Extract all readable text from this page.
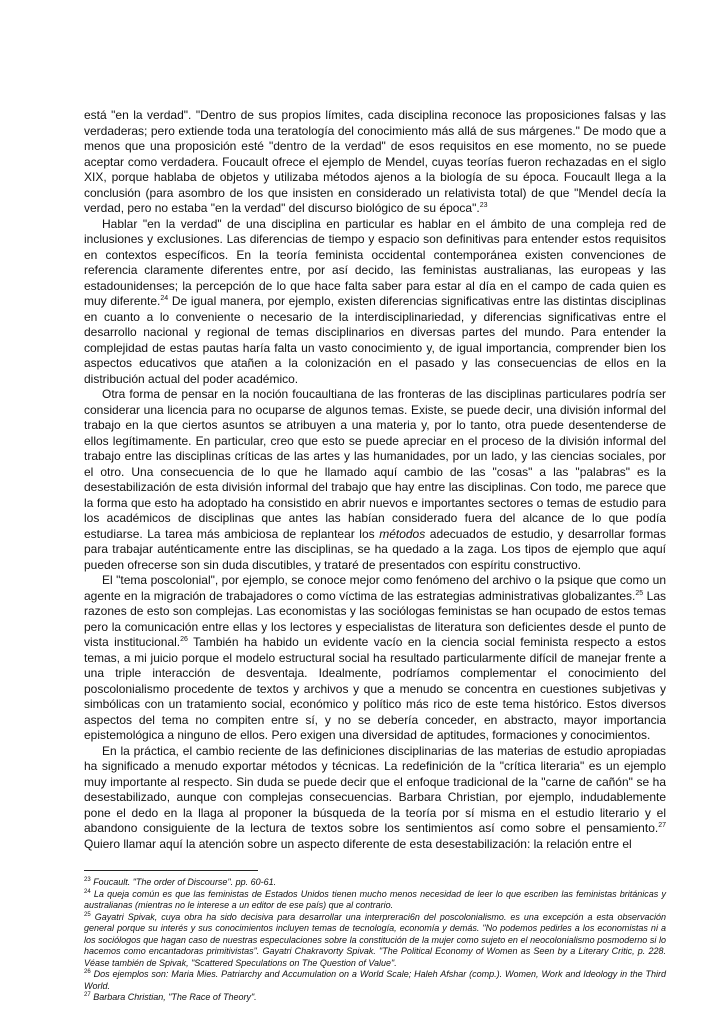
está "en la verdad". "Dentro de sus propios límites, cada disciplina reconoce las proposiciones falsas y las verdaderas; pero extiende toda una teratología del conocimiento más allá de sus márgenes." De modo que a menos que una proposición esté "dentro de la verdad" de esos requisitos en ese momento, no se puede aceptar como verdadera. Foucault ofrece el ejemplo de Mendel, cuyas teorías fueron rechazadas en el siglo XIX, porque hablaba de objetos y utilizaba métodos ajenos a la biología de su época. Foucault llega a la conclusión (para asombro de los que insisten en considerado un relativista total) de que "Mendel decía la verdad, pero no estaba "en la verdad" del discurso biológico de su época".$^{23}$

Hablar "en la verdad" de una disciplina en particular es hablar en el ámbito de una compleja red de inclusiones y exclusiones. Las diferencias de tiempo y espacio son definitivas para entender estos requisitos en contextos específicos. En la teoría feminista occidental contemporánea existen convenciones de referencia claramente diferentes entre, por así decido, las feministas australianas, las europeas y las estadounidenses; la percepción de lo que hace falta saber para estar al día en el campo de cada quien es muy diferente.$^{24}$ De igual manera, por ejemplo, existen diferencias significativas entre las distintas disciplinas en cuanto a lo conveniente o necesario de la interdisciplinariedad, y diferencias significativas entre el desarrollo nacional y regional de temas disciplinarios en diversas partes del mundo. Para entender la complejidad de estas pautas haría falta un vasto conocimiento y, de igual importancia, comprender bien los aspectos educativos que atañen a la colonización en el pasado y las consecuencias de ellos en la distribución actual del poder académico.

Otra forma de pensar en la noción foucaultiana de las fronteras de las disciplinas particulares podría ser considerar una licencia para no ocuparse de algunos temas. Existe, se puede decir, una división informal del trabajo en la que ciertos asuntos se atribuyen a una materia y, por lo tanto, otra puede desentenderse de ellos legítimamente. En particular, creo que esto se puede apreciar en el proceso de la división informal del trabajo entre las disciplinas críticas de las artes y las humanidades, por un lado, y las ciencias sociales, por el otro. Una consecuencia de lo que he llamado aquí cambio de las "cosas" a las "palabras" es la desestabilización de esta división informal del trabajo que hay entre las disciplinas. Con todo, me parece que la forma que esto ha adoptado ha consistido en abrir nuevos e importantes sectores o temas de estudio para los académicos de disciplinas que antes las habían considerado fuera del alcance de lo que podía estudiarse. La tarea más ambiciosa de replantear los métodos adecuados de estudio, y desarrollar formas para trabajar auténticamente entre las disciplinas, se ha quedado a la zaga. Los tipos de ejemplo que aquí pueden ofrecerse son sin duda discutibles, y trataré de presentados con espíritu constructivo.

El "tema poscolonial", por ejemplo, se conoce mejor como fenómeno del archivo o la psique que como un agente en la migración de trabajadores o como víctima de las estrategias administrativas globalizantes.$^{25}$ Las razones de esto son complejas. Las economistas y las sociólogas feministas se han ocupado de estos temas pero la comunicación entre ellas y los lectores y especialistas de literatura son deficientes desde el punto de vista institucional.$^{26}$ También ha habido un evidente vacío en la ciencia social feminista respecto a estos temas, a mi juicio porque el modelo estructural social ha resultado particularmente difícil de manejar frente a una triple interacción de desventaja. Idealmente, podríamos complementar el conocimiento del poscolonialismo procedente de textos y archivos y que a menudo se concentra en cuestiones subjetivas y simbólicas con un tratamiento social, económico y político más rico de este tema histórico. Estos diversos aspectos del tema no compiten entre sí, y no se debería conceder, en abstracto, mayor importancia epistemológica a ninguno de ellos. Pero exigen una diversidad de aptitudes, formaciones y conocimientos.

En la práctica, el cambio reciente de las definiciones disciplinarias de las materias de estudio apropiadas ha significado a menudo exportar métodos y técnicas. La redefinición de la "crítica literaria" es un ejemplo muy importante al respecto. Sin duda se puede decir que el enfoque tradicional de la "carne de cañón" se ha desestabilizado, aunque con complejas consecuencias. Barbara Christian, por ejemplo, indudablemente pone el dedo en la llaga al proponer la búsqueda de la teoría por sí misma en el estudio literario y el abandono consiguiente de la lectura de textos sobre los sentimientos así como sobre el pensamiento.$^{27}$ Quiero llamar aquí la atención sobre un aspecto diferente de esta desestabilización: la relación entre el

$^{23}$ Foucault. "The order of Discourse". pp. 60-61.

$^{24}$ La queja común es que las feministas de Estados Unidos tienen mucho menos necesidad de leer lo que escriben las feministas británicas y australianas (mientras no le interese a un editor de ese país) que al contrario.

$^{25}$ Gayatri Spivak, cuya obra ha sido decisiva para desarrollar una interpreraci6n del poscolonialismo. es una excepción a esta observación general porque su interés y sus conocimientos incluyen temas de tecnología, economía y demás. "No podemos pedirles a los economistas ni a los sociólogos que hagan caso de nuestras especulaciones sobre la constitución de la mujer como sujeto en el neocolonialismo posmoderno si lo hacemos como encantadoras primitivistas". Gayatri Chakravorty Spivak. "The Political Economy of Women as Seen by a Literary Critic, p. 228. Véase también de Spivak, "Scattered Speculations on The Question of Value".

$^{26}$ Dos ejemplos son: Maria Mies. Patriarchy and Accumulation on a World Scale; Haleh Afshar (comp.). Women, Work and Ideology in the Third World.

$^{27}$ Barbara Christian, "The Race of Theory".
